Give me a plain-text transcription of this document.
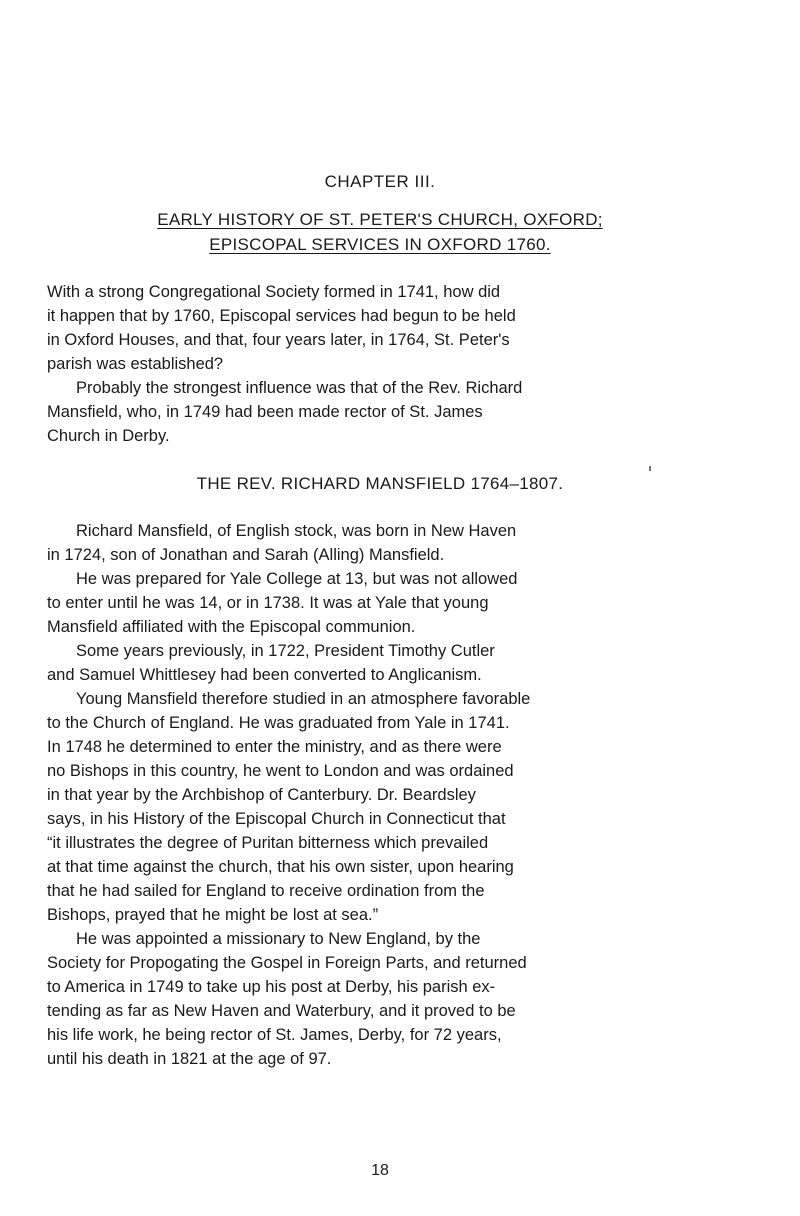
CHAPTER III.
EARLY HISTORY OF ST. PETER'S CHURCH, OXFORD;
EPISCOPAL SERVICES IN OXFORD 1760.

With a strong Congregational Society formed in 1741, how did
it happen that by 1760, Episcopal services had begun to be held
in Oxford Houses, and that, four years later, in 1764, St. Peter's
parish was established?

Probably the strongest influence was that of the Rev. Richard
Mansfield, who, in 1749 had been made rector of St. James
Church in Derby.

THE REV. RICHARD MANSFIELD 1764–1807.

Richard Mansfield, of English stock, was born in New Haven
in 1724, son of Jonathan and Sarah (Alling) Mansfield.

He was prepared for Yale College at 13, but was not allowed
to enter until he was 14, or in 1738. It was at Yale that young
Mansfield affiliated with the Episcopal communion.

Some years previously, in 1722, President Timothy Cutler
and Samuel Whittlesey had been converted to Anglicanism.

Young Mansfield therefore studied in an atmosphere favorable
to the Church of England. He was graduated from Yale in 1741.
In 1748 he determined to enter the ministry, and as there were
no Bishops in this country, he went to London and was ordained
in that year by the Archbishop of Canterbury. Dr. Beardsley
says, in his History of the Episcopal Church in Connecticut that
“it illustrates the degree of Puritan bitterness which prevailed
at that time against the church, that his own sister, upon hearing
that he had sailed for England to receive ordination from the
Bishops, prayed that he might be lost at sea.”

He was appointed a missionary to New England, by the
Society for Propogating the Gospel in Foreign Parts, and returned
to America in 1749 to take up his post at Derby, his parish ex-
tending as far as New Haven and Waterbury, and it proved to be
his life work, he being rector of St. James, Derby, for 72 years,
until his death in 1821 at the age of 97.

18
